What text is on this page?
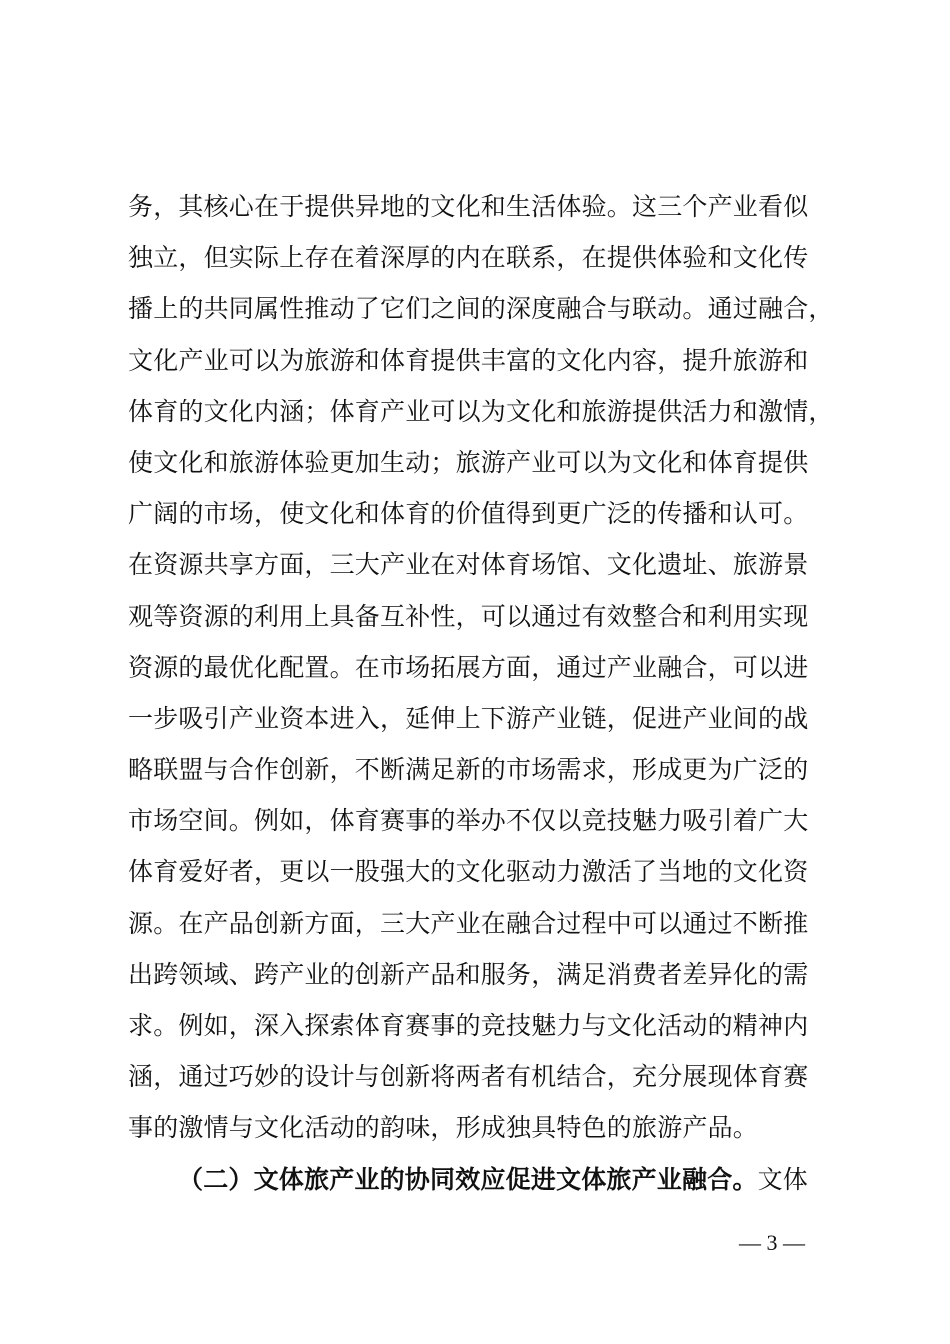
务，其核心在于提供异地的文化和生活体验。这三个产业看似
独立，但实际上存在着深厚的内在联系，在提供体验和文化传
播上的共同属性推动了它们之间的深度融合与联动。通过融合，
文化产业可以为旅游和体育提供丰富的文化内容，提升旅游和
体育的文化内涵；体育产业可以为文化和旅游提供活力和激情，
使文化和旅游体验更加生动；旅游产业可以为文化和体育提供
广阔的市场，使文化和体育的价值得到更广泛的传播和认可。
在资源共享方面，三大产业在对体育场馆、文化遗址、旅游景
观等资源的利用上具备互补性，可以通过有效整合和利用实现
资源的最优化配置。在市场拓展方面，通过产业融合，可以进
一步吸引产业资本进入，延伸上下游产业链，促进产业间的战
略联盟与合作创新，不断满足新的市场需求，形成更为广泛的
市场空间。例如，体育赛事的举办不仅以竞技魅力吸引着广大
体育爱好者，更以一股强大的文化驱动力激活了当地的文化资
源。在产品创新方面，三大产业在融合过程中可以通过不断推
出跨领域、跨产业的创新产品和服务，满足消费者差异化的需
求。例如，深入探索体育赛事的竞技魅力与文化活动的精神内
涵，通过巧妙的设计与创新将两者有机结合，充分展现体育赛
事的激情与文化活动的韵味，形成独具特色的旅游产品。
（二）文体旅产业的协同效应促进文体旅产业融合。文体
— 3 —
